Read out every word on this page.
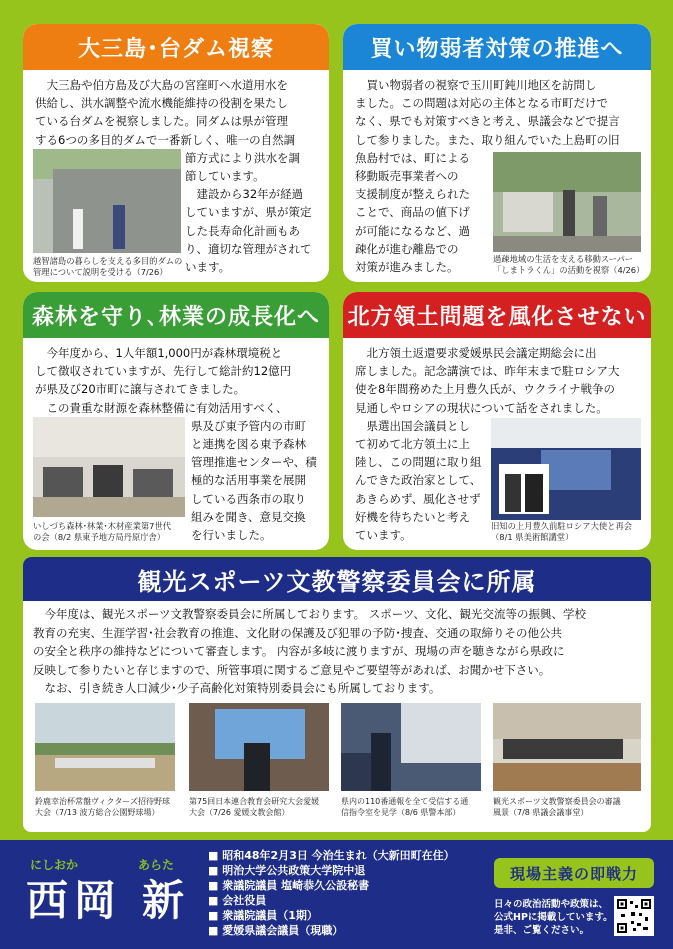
大三島･台ダム視察
　大三島や伯方島及び大島の宮窪町へ水道用水を
供給し、洪水調整や流水機能維持の役割を果たし
ている台ダムを視察しました。同ダムは県が管理
する6つの多目的ダムで一番新しく、唯一の自然調
節方式により洪水を調
節しています。
　建設から32年が経過
していますが、県が策定
した長寿命化計画もあ
り、適切な管理がされて
います。
越智諸島の暮らしを支える多目的ダムの
管理について説明を受ける（7/26）
買い物弱者対策の推進へ
　買い物弱者の視察で玉川町鈍川地区を訪問し
ました。この問題は対応の主体となる市町だけで
なく、県でも対策すべきと考え、県議会などで提言
して参りました。また、取り組んでいた上島町の旧
魚島村では、町による
移動販売事業者への
支援制度が整えられた
ことで、商品の値下げ
が可能になるなど、過
疎化が進む離島での
対策が進みました。
過疎地域の生活を支える移動スーパー
「しまトラくん」の活動を視察（4/26）
森林を守り､林業の成長化へ
　今年度から、1人年額1,000円が森林環境税と
して徴収されていますが、先行して総計約12億円
が県及び20市町に譲与されてきました。
　この貴重な財源を森林整備に有効活用すべく、
県及び東予管内の市町
と連携を図る東予森林
管理推進センターや、積
極的な活用事業を展開
している西条市の取り
組みを聞き、意見交換
を行いました。
いしづち森林･林業･木材産業第7世代
の会（8/2 県東予地方局丹原庁舎）
北方領土問題を風化させない
　北方領土返還要求愛媛県民会議定期総会に出
席しました。記念講演では、昨年末まで駐ロシア大
使を8年間務めた上月豊久氏が、ウクライナ戦争の
見通しやロシアの現状について話をされました。
　県選出国会議員とし
て初めて北方領土に上
陸し、この問題に取り組
んできた政治家として、
あきらめず、風化させず
好機を待ちたいと考え
ています。
旧知の上月豊久前駐ロシア大使と再会
（8/1 県美術館講堂）
観光スポーツ文教警察委員会に所属
　今年度は、観光スポーツ文教警察委員会に所属しております。 スポーツ、文化、観光交流等の振興、学校
教育の充実、生涯学習･社会教育の推進、文化財の保護及び犯罪の予防･捜査、交通の取締りその他公共
の安全と秩序の維持などについて審査します。 内容が多岐に渡りますが、現場の声を聴きながら県政に
反映して参りたいと存じますので、所管事項に関するご意見やご要望等があれば、お聞かせ下さい。
　なお、引き続き人口減少･少子高齢化対策特別委員会にも所属しております。
鈴鹿幸治杯常盤ヴィクターズ招待野球
大会（7/13 波方総合公園野球場）
第75回日本連合教育会研究大会愛媛
大会（7/26 愛媛文教会館）
県内の110番通報を全て受信する通
信指令室を見学（8/6 県警本部）
観光スポーツ文教警察委員会の審議
風景（7/8 県議会議事堂）
にしおか	あらた
西岡 新
■ 昭和48年2月3日 今治生まれ（大新田町在住）
■ 明治大学公共政策大学院中退
■ 衆議院議員 塩崎恭久公設秘書
■ 会社役員
■ 衆議院議員（1期）
■ 愛媛県議会議員（現職）
現場主義の即戦力
日々の政治活動や政策は、
公式HPに掲載しています。
是非、ご覧ください。
